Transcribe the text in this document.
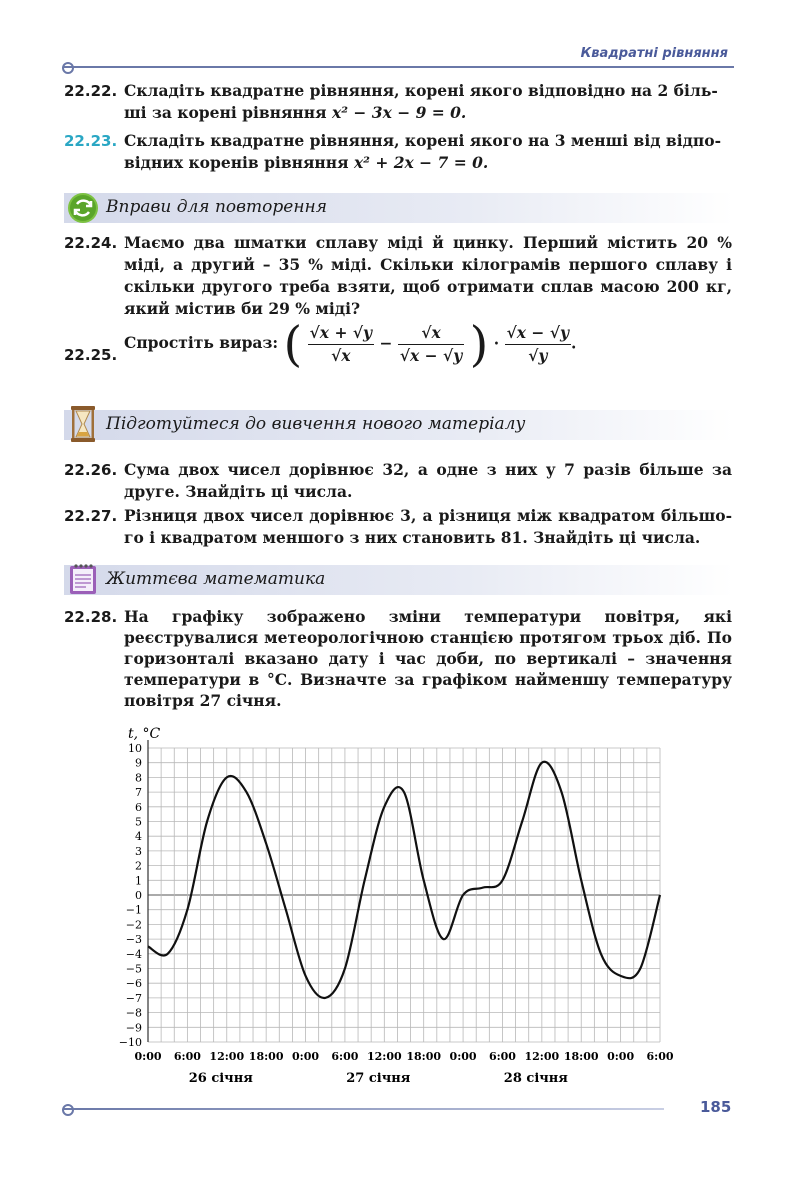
Квадратні рівняння
22.22. Складіть квадратне рівняння, корені якого відповідно на 2 біль-
ші за корені рівняння x² − 3x − 9 = 0.
22.23. Складіть квадратне рівняння, корені якого на 3 менші від відпо-
відних коренів рівняння x² + 2x − 7 = 0.
Вправи для повторення
22.24. Маємо два шматки сплаву міді й цинку. Перший містить 20 % міді, а другий – 35 % міді. Скільки кілограмів першого сплаву і скільки другого треба взяти, щоб отримати сплав масою 200 кг, який містив би 29 % міді?
22.25.
Спростіть вираз: ( $\frac{√x + √y}{√x} - \frac{√x}{√x - √y}$ ) · $\frac{√x - √y}{√y}$ .
Підготуйтеся до вивчення нового матеріалу
22.26. Сума двох чисел дорівнює 32, а одне з них у 7 разів більше за друге. Знайдіть ці числа.
22.27. Різниця двох чисел дорівнює 3, а різниця між квадратом більшо-го і квадратом меншого з них становить 81. Знайдіть ці числа.
Життєва математика
22.28. На графіку зображено зміни температури повітря, які реєструвалися метеорологічною станцією протягом трьох діб. По горизонталі вказано дату і час доби, по вертикалі – значення температури в °С. Визначте за графіком найменшу температуру повітря 27 січня.
10
9
8
7
6
5
4
3
2
1
0
−1
−2
−3
−4
−5
−6
−7
−8
−9
−10
0:00 6:00 12:00 18:00 0:00 6:00 12:00 18:00 0:00 6:00 12:00 18:00 0:00 6:00
26 січня	27 січня	28 січня
t, °C
185
